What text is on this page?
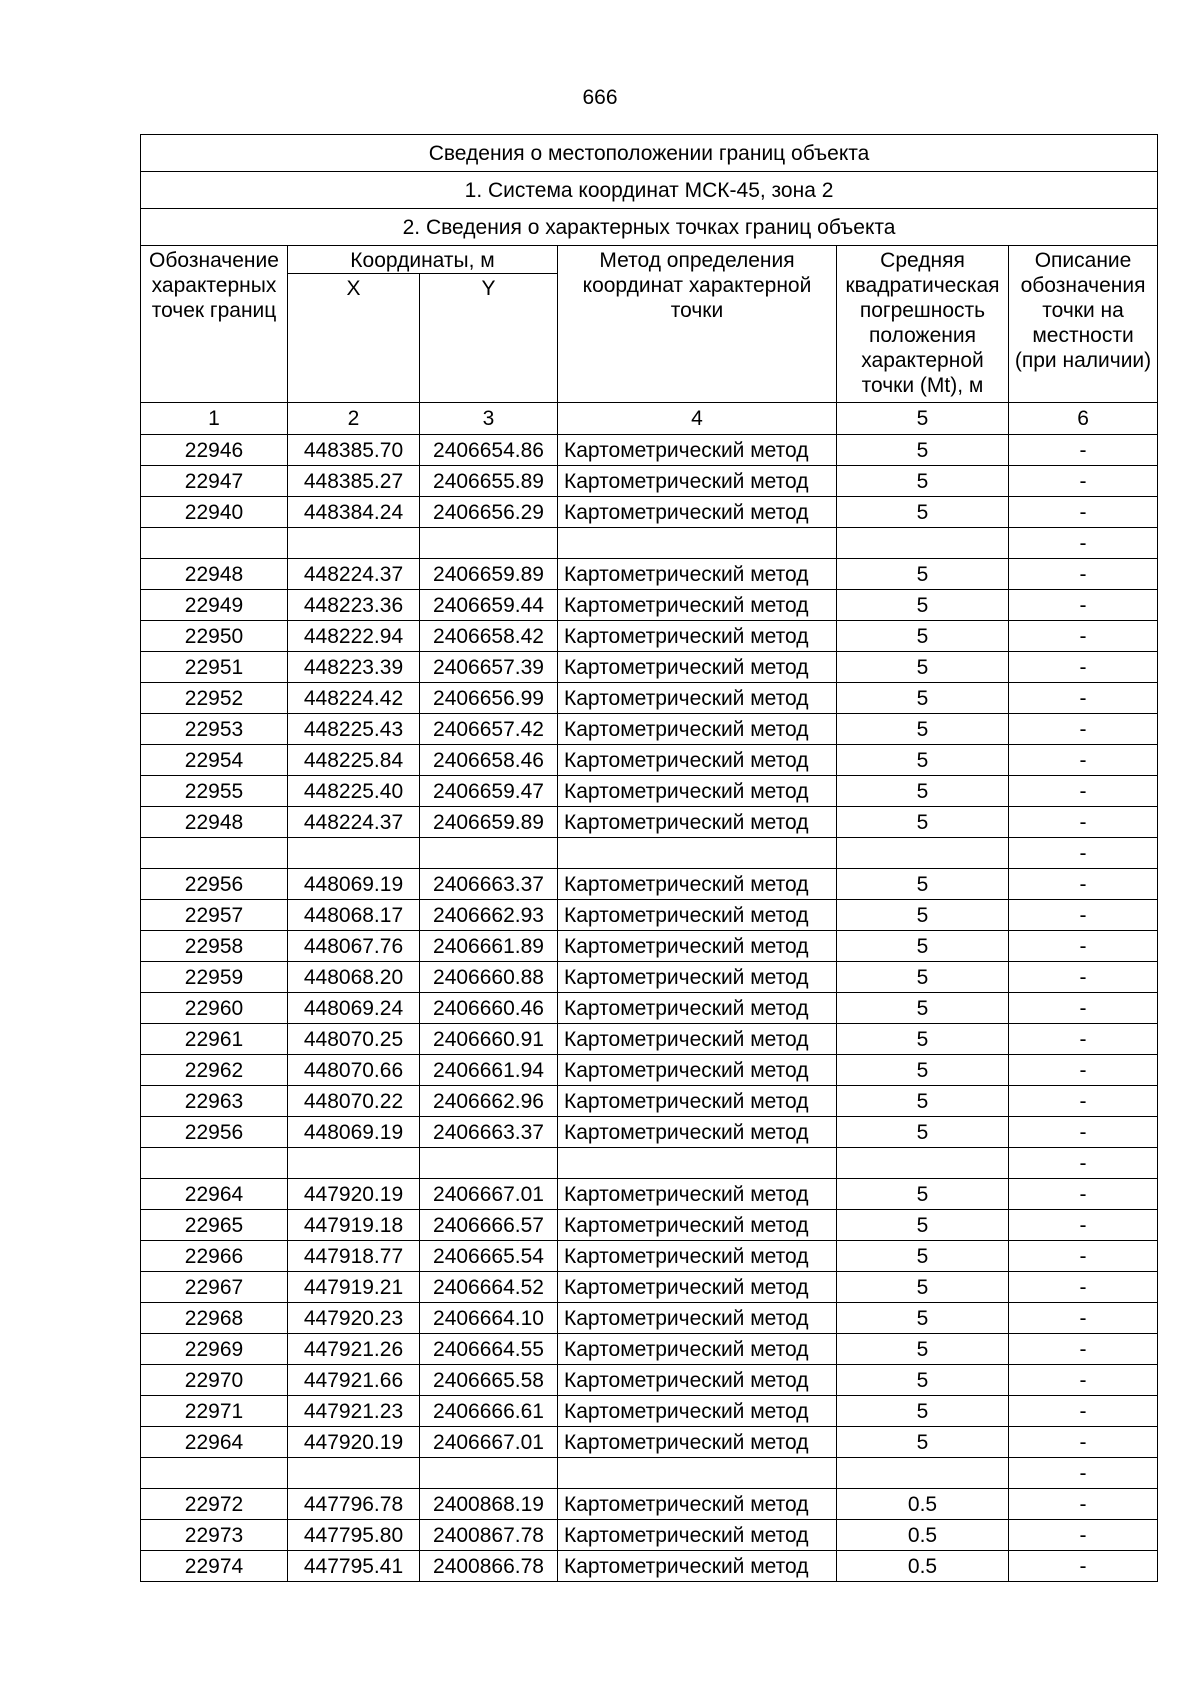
666
Сведения о местоположении границ объекта					
1. Система координат МСК-45, зона 2					
2. Сведения о характерных точках границ объекта					
Обозначение характерных точек границ	Координаты, м		Метод определения координат характерной точки	Средняя квадратическая погрешность положения характерной точки (Mt), м	Описание обозначения точки на местности (при наличии)
	X	Y			
1	2	3	4	5	6
22946	448385.70	2406654.86	Картометрический метод	5	-
22947	448385.27	2406655.89	Картометрический метод	5	-
22940	448384.24	2406656.29	Картометрический метод	5	-
					-
22948	448224.37	2406659.89	Картометрический метод	5	-
22949	448223.36	2406659.44	Картометрический метод	5	-
22950	448222.94	2406658.42	Картометрический метод	5	-
22951	448223.39	2406657.39	Картометрический метод	5	-
22952	448224.42	2406656.99	Картометрический метод	5	-
22953	448225.43	2406657.42	Картометрический метод	5	-
22954	448225.84	2406658.46	Картометрический метод	5	-
22955	448225.40	2406659.47	Картометрический метод	5	-
22948	448224.37	2406659.89	Картометрический метод	5	-
					-
22956	448069.19	2406663.37	Картометрический метод	5	-
22957	448068.17	2406662.93	Картометрический метод	5	-
22958	448067.76	2406661.89	Картометрический метод	5	-
22959	448068.20	2406660.88	Картометрический метод	5	-
22960	448069.24	2406660.46	Картометрический метод	5	-
22961	448070.25	2406660.91	Картометрический метод	5	-
22962	448070.66	2406661.94	Картометрический метод	5	-
22963	448070.22	2406662.96	Картометрический метод	5	-
22956	448069.19	2406663.37	Картометрический метод	5	-
					-
22964	447920.19	2406667.01	Картометрический метод	5	-
22965	447919.18	2406666.57	Картометрический метод	5	-
22966	447918.77	2406665.54	Картометрический метод	5	-
22967	447919.21	2406664.52	Картометрический метод	5	-
22968	447920.23	2406664.10	Картометрический метод	5	-
22969	447921.26	2406664.55	Картометрический метод	5	-
22970	447921.66	2406665.58	Картометрический метод	5	-
22971	447921.23	2406666.61	Картометрический метод	5	-
22964	447920.19	2406667.01	Картометрический метод	5	-
					-
22972	447796.78	2400868.19	Картометрический метод	0.5	-
22973	447795.80	2400867.78	Картометрический метод	0.5	-
22974	447795.41	2400866.78	Картометрический метод	0.5	-
